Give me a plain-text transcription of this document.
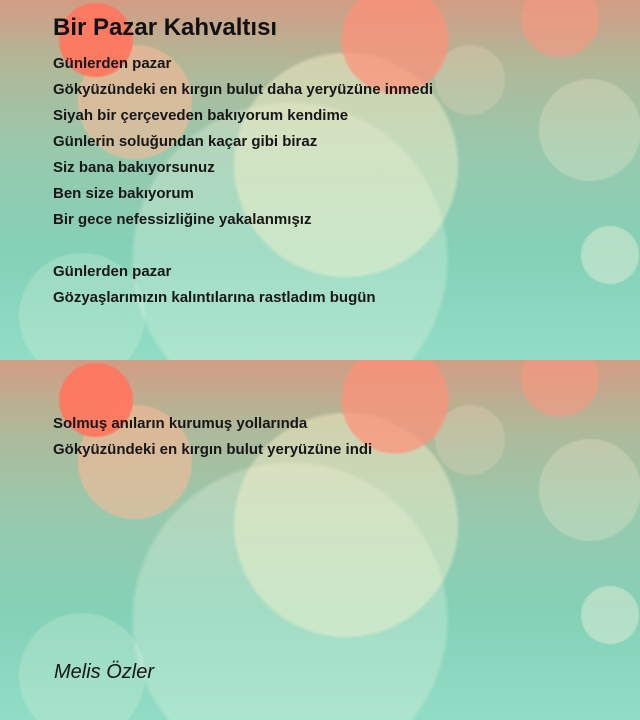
Bir Pazar Kahvaltısı
Günlerden pazar
Gökyüzündeki en kırgın bulut daha yeryüzüne inmedi
Siyah bir çerçeveden bakıyorum kendime
Günlerin soluğundan kaçar gibi biraz
Siz bana bakıyorsunuz
Ben size bakıyorum
Bir gece nefessizliğine yakalanmışız
Günlerden pazar
Gözyaşlarımızın kalıntılarına rastladım bugün
Solmuş anıların kurumuş yollarında
Gökyüzündeki en kırgın bulut yeryüzüne indi
Melis Özler
